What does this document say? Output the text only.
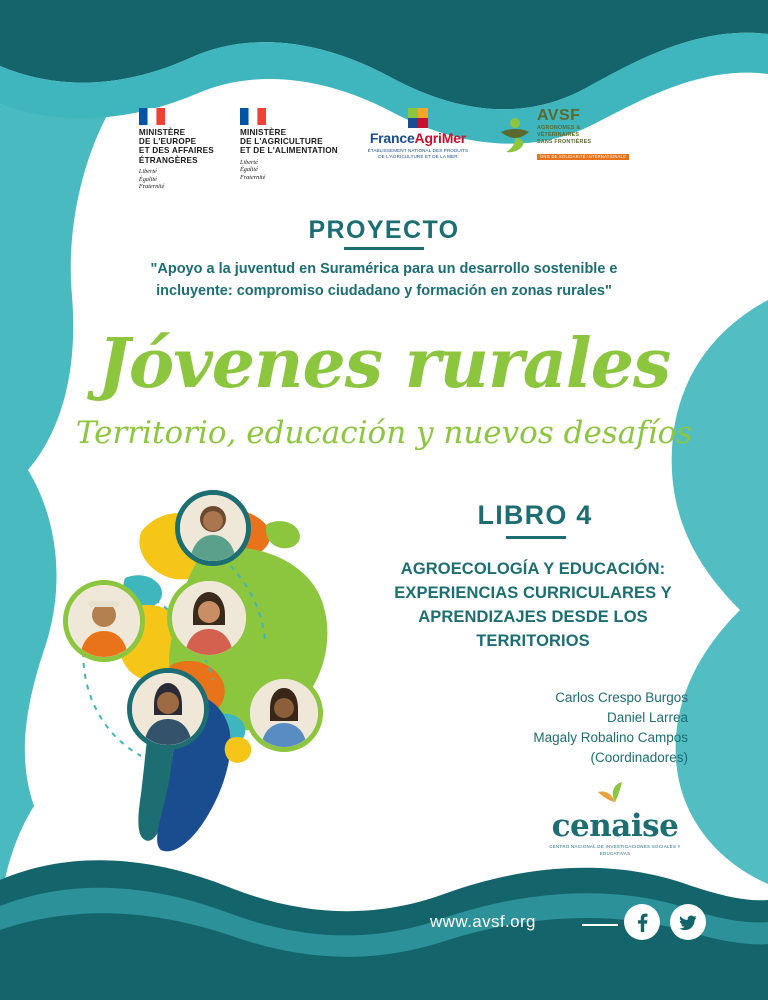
MINISTÈRE
DE L'EUROPE
ET DES AFFAIRES
ÉTRANGÈRES
Liberté
Égalité
Fraternité
MINISTÈRE
DE L'AGRICULTURE
ET DE L'ALIMENTATION
Liberté
Égalité
Fraternité
FranceAgriMer
ÉTABLISSEMENT NATIONAL DES PRODUITS DE L'AGRICULTURE ET DE LA MER
AVSF
AGRONOMES &
VÉTÉRINAIRES
SANS FRONTIÈRES
ONG DE SOLIDARITÉ INTERNATIONALE
PROYECTO
"Apoyo a la juventud en Suramérica para un desarrollo sostenible e incluyente: compromiso ciudadano y formación en zonas rurales"
Jóvenes rurales
Territorio, educación y nuevos desafíos
LIBRO 4
AGROECOLOGÍA Y EDUCACIÓN: EXPERIENCIAS CURRICULARES Y APRENDIZAJES DESDE LOS TERRITORIOS
Carlos Crespo Burgos
Daniel Larrea
Magaly Robalino Campos
(Coordinadores)
cenaise
CENTRO NACIONAL DE INVESTIGACIONES SOCIALES Y EDUCATIVAS
www.avsf.org
